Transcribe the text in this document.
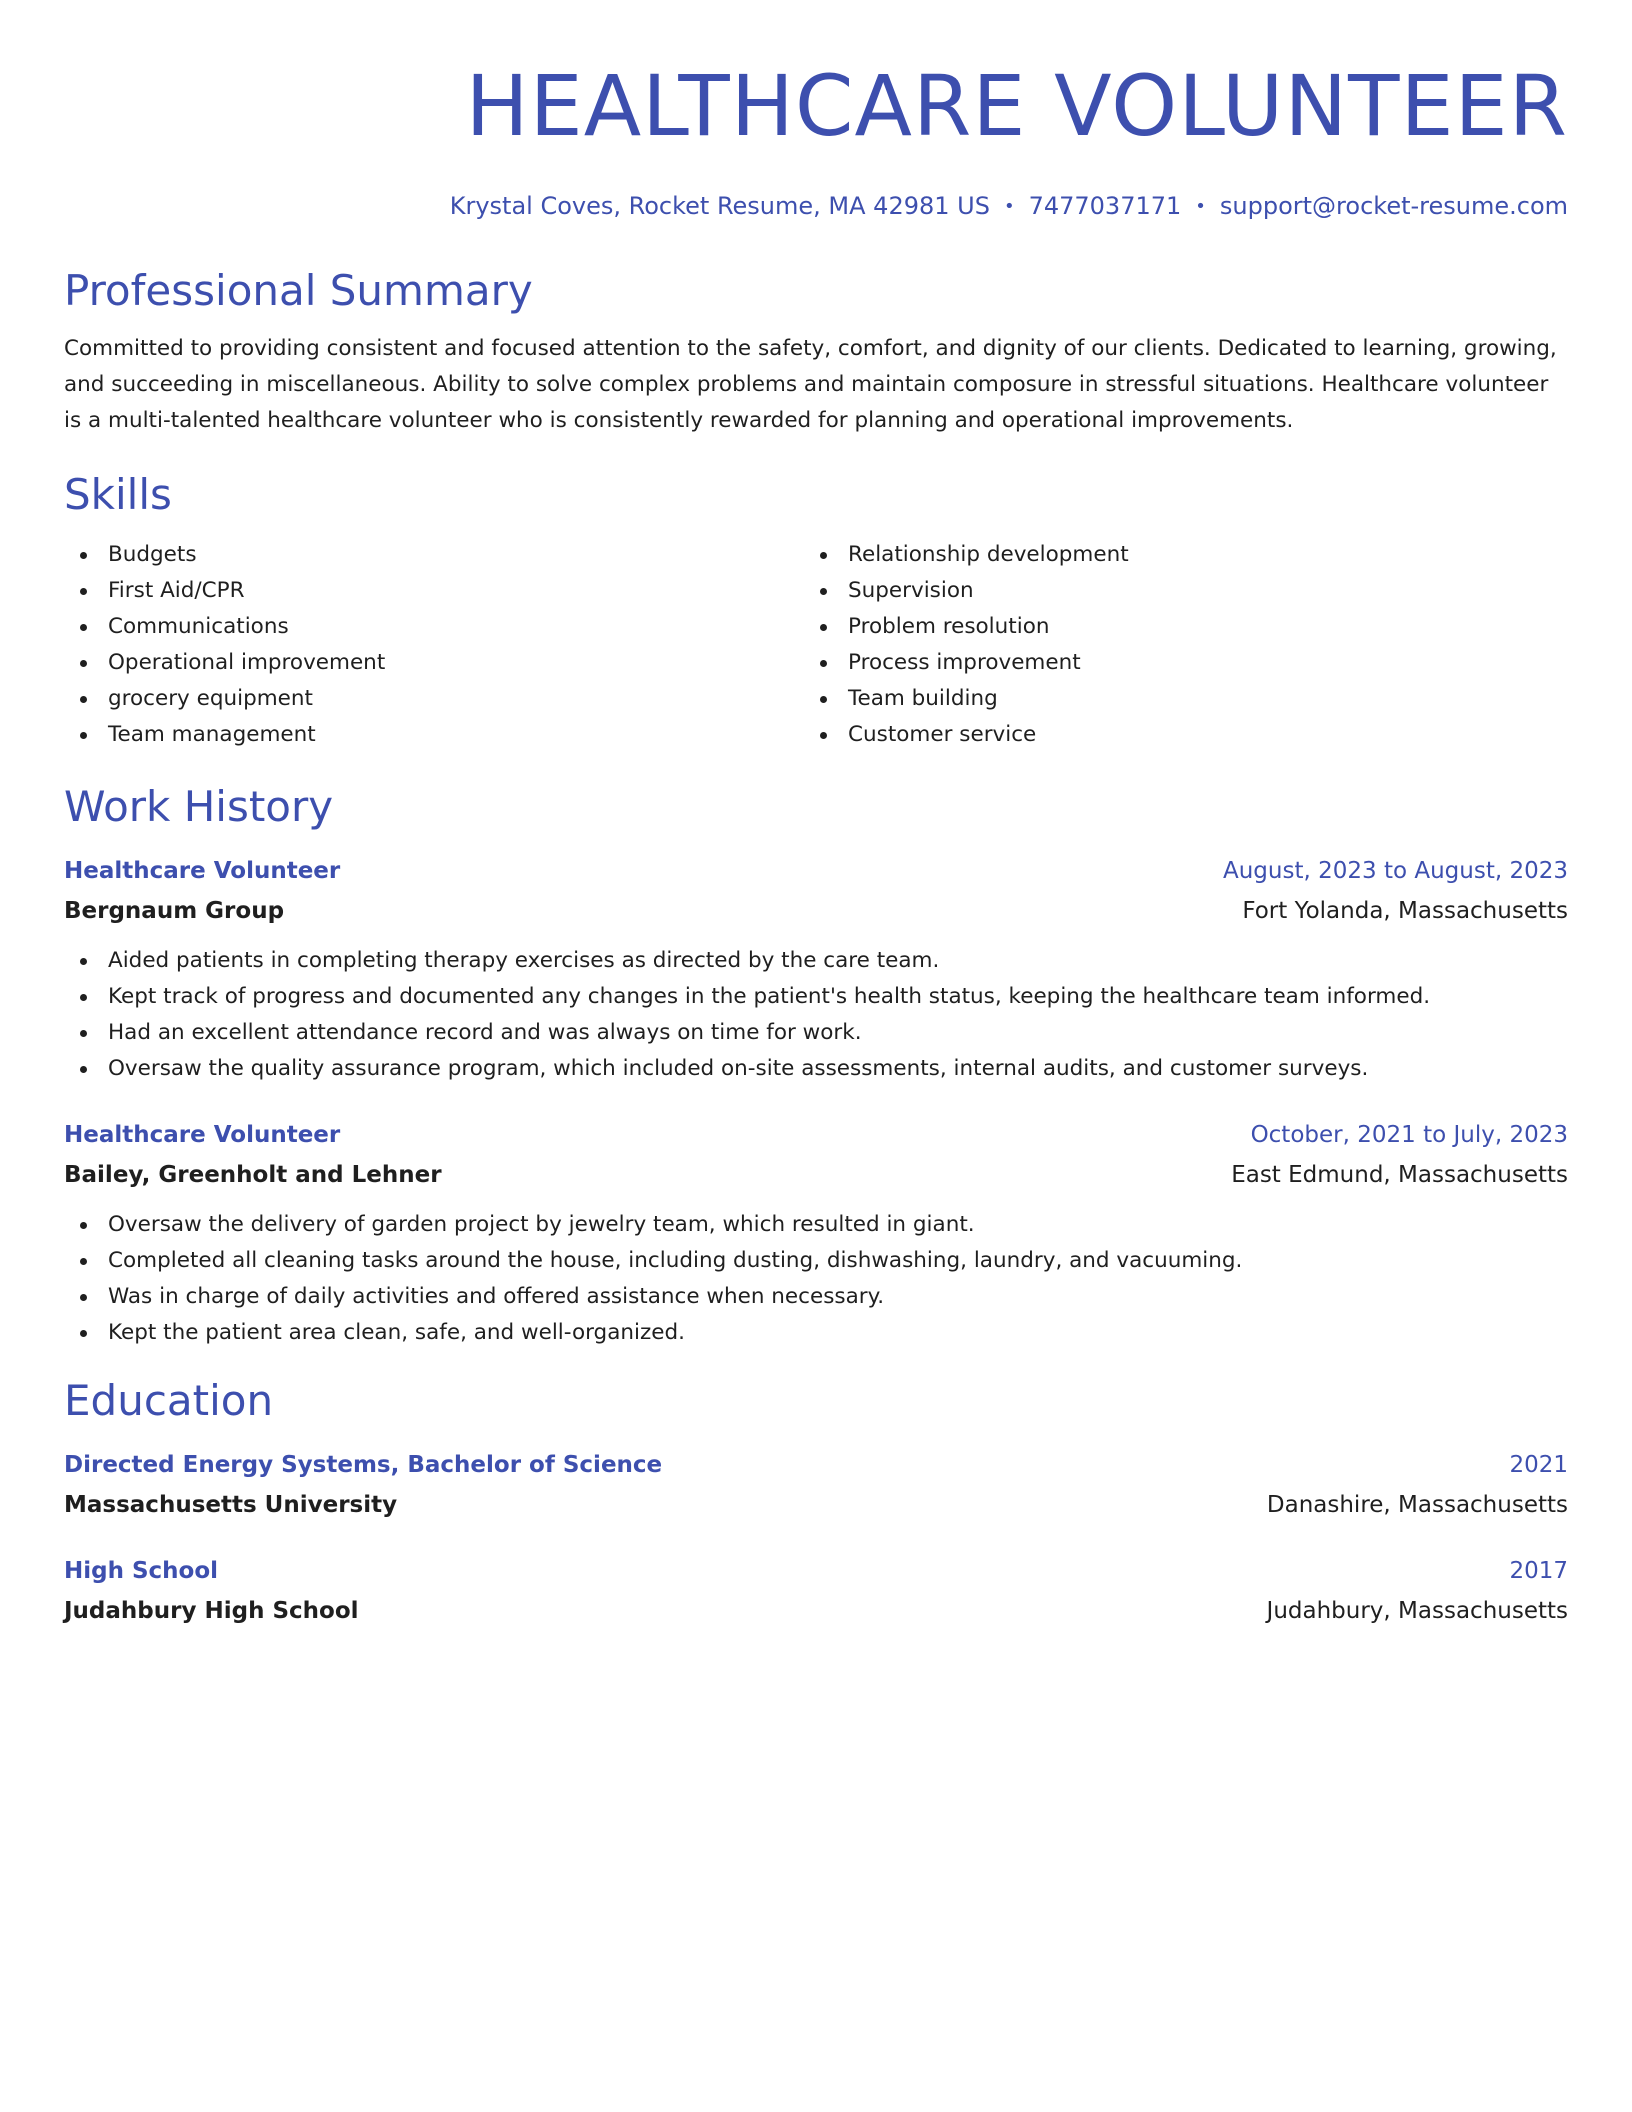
HEALTHCARE VOLUNTEER
Krystal Coves, Rocket Resume, MA 42981 US • 7477037171 • support@rocket-resume.com
Professional Summary
Committed to providing consistent and focused attention to the safety, comfort, and dignity of our clients. Dedicated to learning, growing, and succeeding in miscellaneous. Ability to solve complex problems and maintain composure in stressful situations. Healthcare volunteer is a multi-talented healthcare volunteer who is consistently rewarded for planning and operational improvements.
Skills
Budgets
First Aid/CPR
Communications
Operational improvement
grocery equipment
Team management
Relationship development
Supervision
Problem resolution
Process improvement
Team building
Customer service
Work History
Healthcare Volunteer	August, 2023 to August, 2023
Bergnaum Group	Fort Yolanda, Massachusetts
Aided patients in completing therapy exercises as directed by the care team.
Kept track of progress and documented any changes in the patient's health status, keeping the healthcare team informed.
Had an excellent attendance record and was always on time for work.
Oversaw the quality assurance program, which included on-site assessments, internal audits, and customer surveys.
Healthcare Volunteer	October, 2021 to July, 2023
Bailey, Greenholt and Lehner	East Edmund, Massachusetts
Oversaw the delivery of garden project by jewelry team, which resulted in giant.
Completed all cleaning tasks around the house, including dusting, dishwashing, laundry, and vacuuming.
Was in charge of daily activities and offered assistance when necessary.
Kept the patient area clean, safe, and well-organized.
Education
Directed Energy Systems, Bachelor of Science	2021
Massachusetts University	Danashire, Massachusetts
High School	2017
Judahbury High School	Judahbury, Massachusetts
